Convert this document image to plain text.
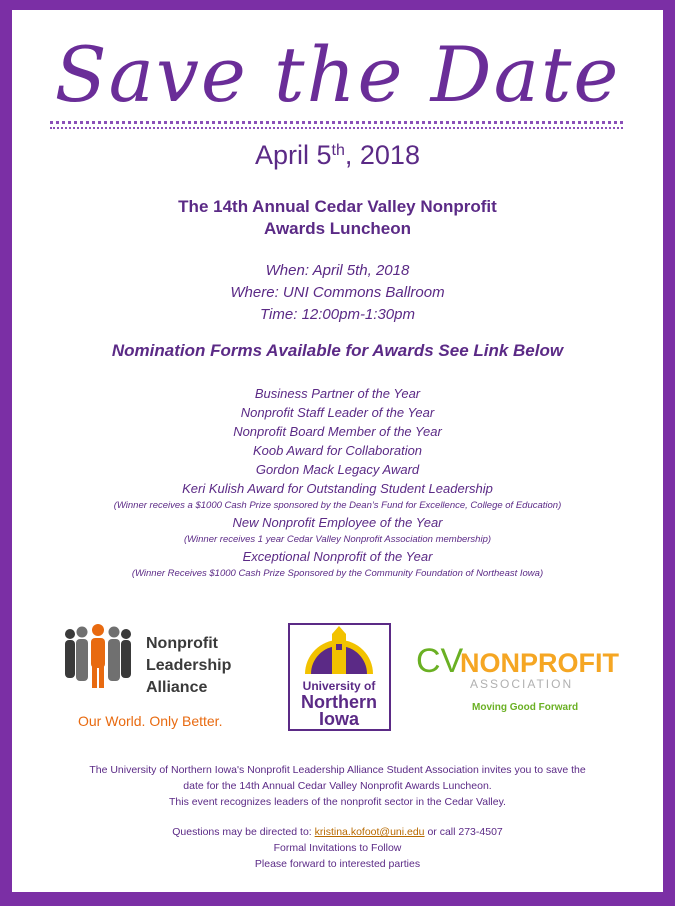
Save the Date
April 5th, 2018
The 14th Annual Cedar Valley Nonprofit
Awards Luncheon
When: April 5th, 2018
Where: UNI Commons Ballroom
Time: 12:00pm-1:30pm
Nomination Forms Available for Awards See Link Below
Business Partner of the Year
Nonprofit Staff Leader of the Year
Nonprofit Board Member of the Year
Koob Award for Collaboration
Gordon Mack Legacy Award
Keri Kulish Award for Outstanding Student Leadership
(Winner receives a $1000 Cash Prize sponsored by the Dean’s Fund for Excellence, College of Education)
New Nonprofit Employee of the Year
(Winner receives 1 year Cedar Valley Nonprofit Association membership)
Exceptional Nonprofit of the Year
(Winner Receives $1000 Cash Prize Sponsored by the Community Foundation of Northeast Iowa)
Nonprofit
Leadership
Alliance
Our World. Only Better.
University of
Northern
Iowa
CV
NONPROFIT
ASSOCIATION
Moving Good Forward
The University of Northern Iowa's Nonprofit Leadership Alliance Student Association invites you to save the
date for the 14th Annual Cedar Valley Nonprofit Awards Luncheon.
This event recognizes leaders of the nonprofit sector in the Cedar Valley.
Questions may be directed to: kristina.kofoot@uni.edu or call 273-4507
Formal Invitations to Follow
Please forward to interested parties
